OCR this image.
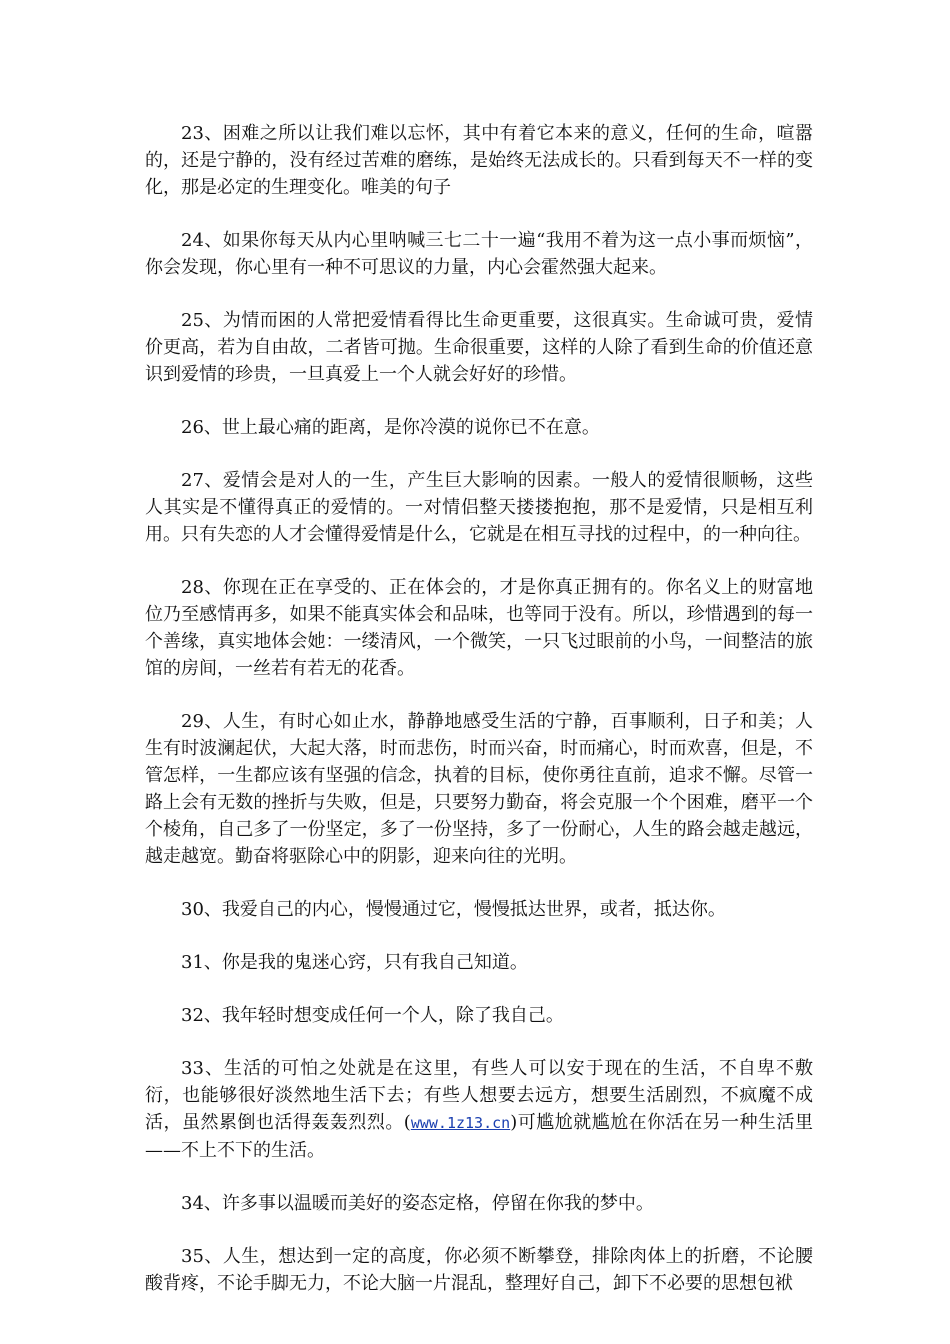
23、困难之所以让我们难以忘怀，其中有着它本来的意义，任何的生命，喧嚣的，还是宁静的，没有经过苦难的磨练，是始终无法成长的。只看到每天不一样的变化，那是必定的生理变化。唯美的句子

24、如果你每天从内心里呐喊三七二十一遍“我用不着为这一点小事而烦恼”，你会发现，你心里有一种不可思议的力量，内心会霍然强大起来。

25、为情而困的人常把爱情看得比生命更重要，这很真实。生命诚可贵，爱情价更高，若为自由故，二者皆可抛。生命很重要，这样的人除了看到生命的价值还意识到爱情的珍贵，一旦真爱上一个人就会好好的珍惜。

26、世上最心痛的距离，是你冷漠的说你已不在意。

27、爱情会是对人的一生，产生巨大影响的因素。一般人的爱情很顺畅，这些人其实是不懂得真正的爱情的。一对情侣整天搂搂抱抱，那不是爱情，只是相互利用。只有失恋的人才会懂得爱情是什么，它就是在相互寻找的过程中，的一种向往。

28、你现在正在享受的、正在体会的，才是你真正拥有的。你名义上的财富地位乃至感情再多，如果不能真实体会和品味，也等同于没有。所以，珍惜遇到的每一个善缘，真实地体会她：一缕清风，一个微笑，一只飞过眼前的小鸟，一间整洁的旅馆的房间，一丝若有若无的花香。

29、人生，有时心如止水，静静地感受生活的宁静，百事顺利，日子和美；人生有时波澜起伏，大起大落，时而悲伤，时而兴奋，时而痛心，时而欢喜，但是，不管怎样，一生都应该有坚强的信念，执着的目标，使你勇往直前，追求不懈。尽管一路上会有无数的挫折与失败，但是，只要努力勤奋，将会克服一个个困难，磨平一个个棱角，自己多了一份坚定，多了一份坚持，多了一份耐心，人生的路会越走越远，越走越宽。勤奋将驱除心中的阴影，迎来向往的光明。

30、我爱自己的内心，慢慢通过它，慢慢抵达世界，或者，抵达你。

31、你是我的鬼迷心窍，只有我自己知道。

32、我年轻时想变成任何一个人，除了我自己。

33、生活的可怕之处就是在这里，有些人可以安于现在的生活，不自卑不敷衍，也能够很好淡然地生活下去；有些人想要去远方，想要生活剧烈，不疯魔不成活，虽然累倒也活得轰轰烈烈。(www.1z13.cn)可尴尬就尴尬在你活在另一种生活里——不上不下的生活。

34、许多事以温暖而美好的姿态定格，停留在你我的梦中。

35、人生，想达到一定的高度，你必须不断攀登，排除肉体上的折磨，不论腰酸背疼，不论手脚无力，不论大脑一片混乱，整理好自己，卸下不必要的思想包袱
